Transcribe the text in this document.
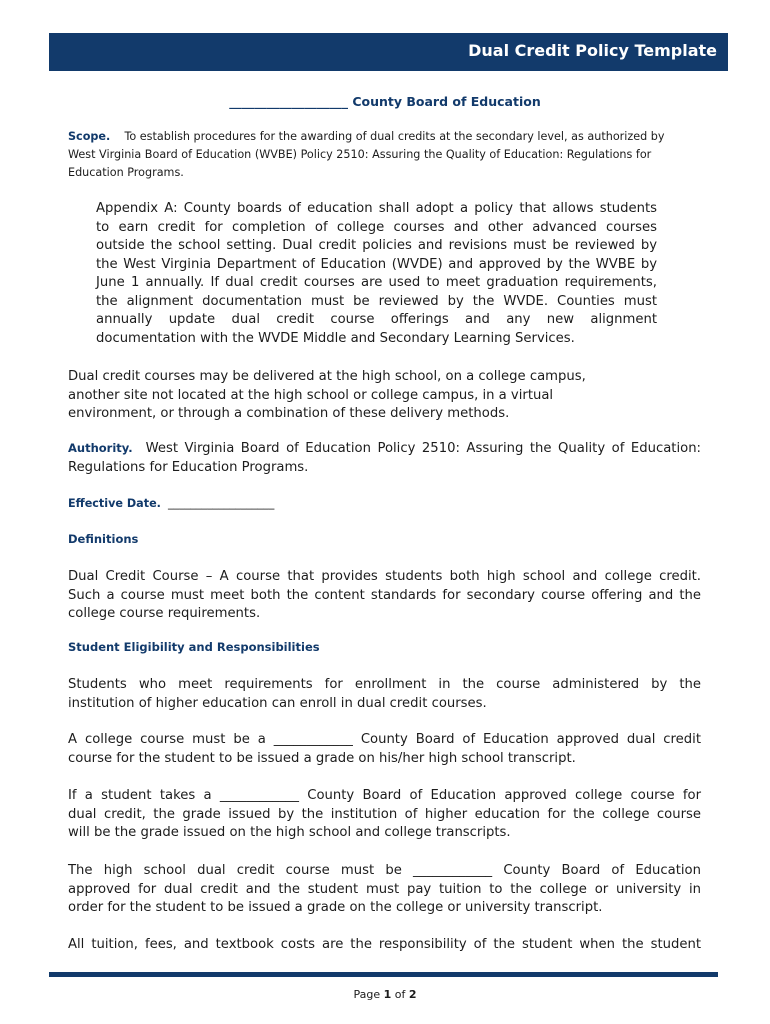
Dual Credit Policy Template
___________________ County Board of Education
Scope. To establish procedures for the awarding of dual credits at the secondary level, as authorized by
West Virginia Board of Education (WVBE) Policy 2510: Assuring the Quality of Education: Regulations for
Education Programs.
Appendix A: County boards of education shall adopt a policy that allows students
to earn credit for completion of college courses and other advanced courses
outside the school setting. Dual credit policies and revisions must be reviewed by
the West Virginia Department of Education (WVDE) and approved by the WVBE by
June 1 annually. If dual credit courses are used to meet graduation requirements,
the alignment documentation must be reviewed by the WVDE. Counties must
annually update dual credit course offerings and any new alignment
documentation with the WVDE Middle and Secondary Learning Services.
Dual credit courses may be delivered at the high school, on a college campus,
another site not located at the high school or college campus, in a virtual
environment, or through a combination of these delivery methods.
Authority. West Virginia Board of Education Policy 2510: Assuring the Quality of Education:
Regulations for Education Programs.
Effective Date. ___________________
Definitions
Dual Credit Course – A course that provides students both high school and college credit.
Such a course must meet both the content standards for secondary course offering and the
college course requirements.
Student Eligibility and Responsibilities
Students who meet requirements for enrollment in the course administered by the
institution of higher education can enroll in dual credit courses.
A college course must be a ____________ County Board of Education approved dual credit
course for the student to be issued a grade on his/her high school transcript.
If a student takes a ____________ County Board of Education approved college course for
dual credit, the grade issued by the institution of higher education for the college course
will be the grade issued on the high school and college transcripts.
The high school dual credit course must be ____________ County Board of Education
approved for dual credit and the student must pay tuition to the college or university in
order for the student to be issued a grade on the college or university transcript.
All tuition, fees, and textbook costs are the responsibility of the student when the student
Page 1 of 2
